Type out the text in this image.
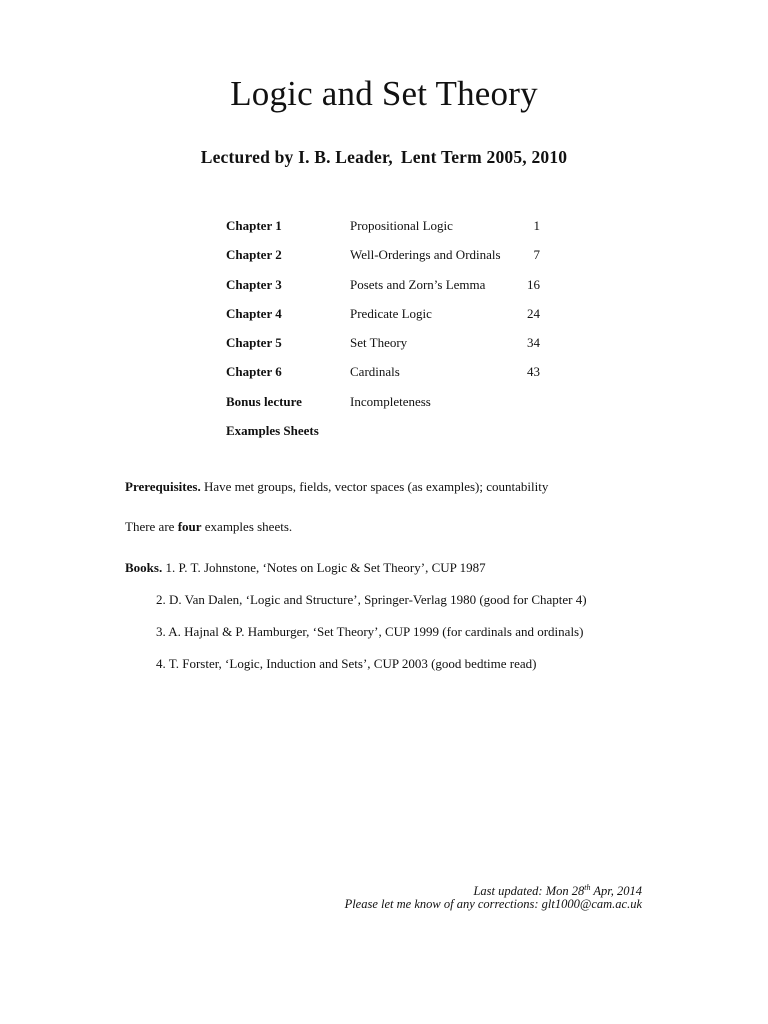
Logic and Set Theory
Lectured by I. B. Leader, Lent Term 2005, 2010
Chapter 1	Propositional Logic	1
Chapter 2	Well-Orderings and Ordinals	7
Chapter 3	Posets and Zorn’s Lemma	16
Chapter 4	Predicate Logic	24
Chapter 5	Set Theory	34
Chapter 6	Cardinals	43
Bonus lecture	Incompleteness
Examples Sheets
Prerequisites. Have met groups, fields, vector spaces (as examples); countability
There are four examples sheets.
Books. 1. P. T. Johnstone, ‘Notes on Logic & Set Theory’, CUP 1987
2. D. Van Dalen, ‘Logic and Structure’, Springer-Verlag 1980 (good for Chapter 4)
3. A. Hajnal & P. Hamburger, ‘Set Theory’, CUP 1999 (for cardinals and ordinals)
4. T. Forster, ‘Logic, Induction and Sets’, CUP 2003 (good bedtime read)
Last updated: Mon 28th Apr, 2014
Please let me know of any corrections: glt1000@cam.ac.uk
